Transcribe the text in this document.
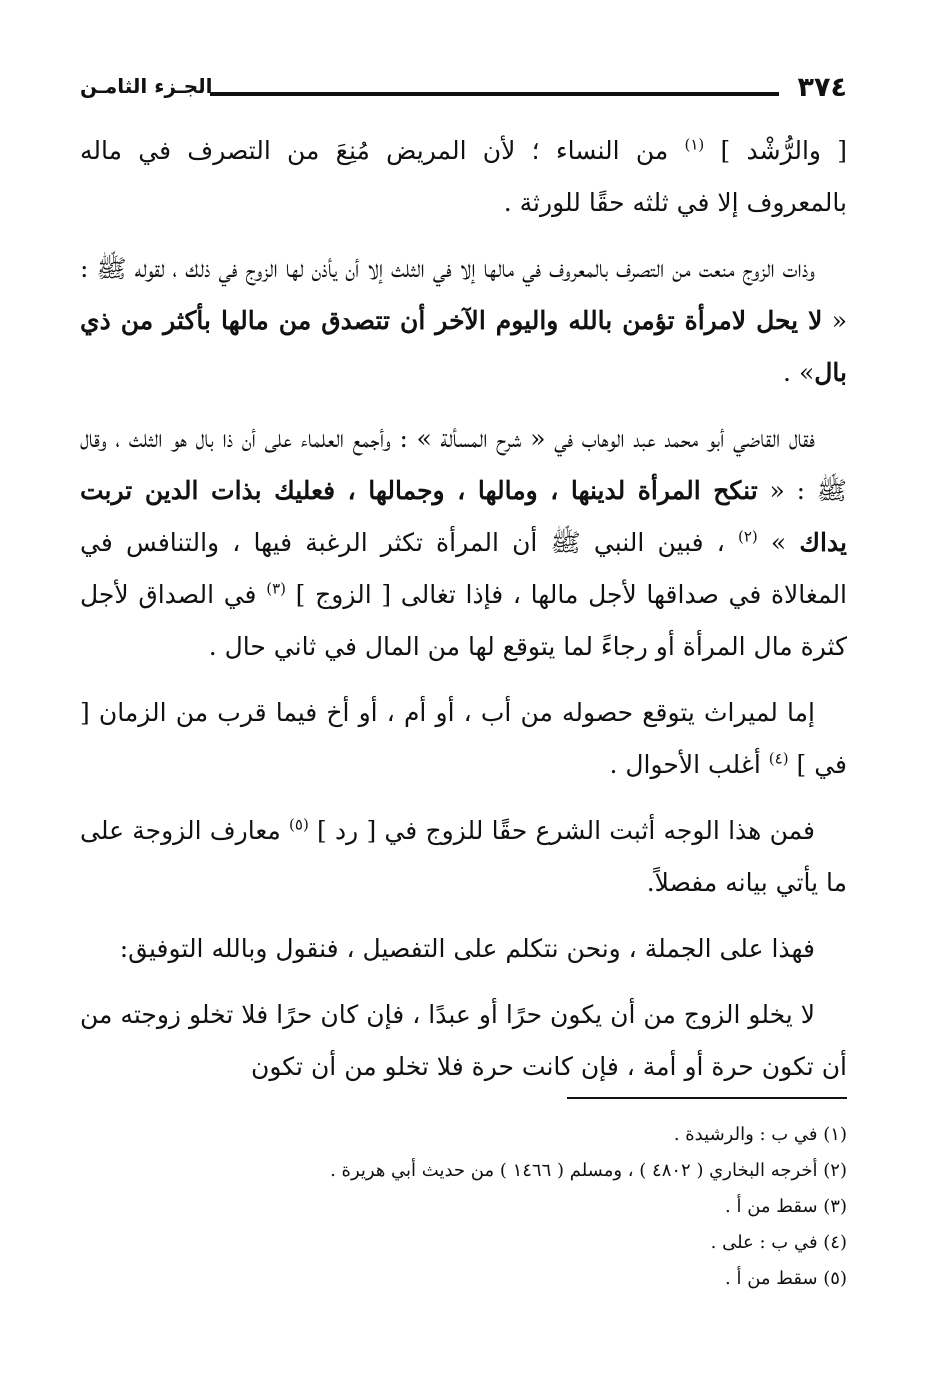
٣٧٤
الجـزء الثامـن

[ والرُّشْد ] $^{(١)}$ من النساء ؛ لأن المريض مُنِعَ من التصرف في ماله بالمعروف إلا في ثلثه حقًا للورثة .

وذات الزوج منعت من التصرف بالمعروف في مالها إلا في الثلث إلا أن يأذن لها الزوج في ذلك ، لقوله ﷺ : « لا يحل لامرأة تؤمن بالله واليوم الآخر أن تتصدق من مالها بأكثر من ذي بال» .

فقال القاضي أبو محمد عبد الوهاب في « شرح المسألة » : وأجمع العلماء على أن ذا بال هو الثلث ، وقال ﷺ : « تنكح المرأة لدينها ، ومالها ، وجمالها ، فعليك بذات الدين تربت يداك » $^{(٢)}$ ، فبين النبي ﷺ أن المرأة تكثر الرغبة فيها ، والتنافس في المغالاة في صداقها لأجل مالها ، فإذا تغالى [ الزوج ] $^{(٣)}$ في الصداق لأجل كثرة مال المرأة أو رجاءً لما يتوقع لها من المال في ثاني حال .

إما لميراث يتوقع حصوله من أب ، أو أم ، أو أخ فيما قرب من الزمان [ في ] $^{(٤)}$ أغلب الأحوال .

فمن هذا الوجه أثبت الشرع حقًا للزوج في [ رد ] $^{(٥)}$ معارف الزوجة على ما يأتي بيانه مفصلاً.

فهذا على الجملة ، ونحن نتكلم على التفصيل ، فنقول وبالله التوفيق:

لا يخلو الزوج من أن يكون حرًا أو عبدًا ، فإن كان حرًا فلا تخلو زوجته من أن تكون حرة أو أمة ، فإن كانت حرة فلا تخلو من أن تكون

(١) في ب : والرشيدة .

(٢) أخرجه البخاري ( ٤٨٠٢ ) ، ومسلم ( ١٤٦٦ ) من حديث أبي هريرة .

(٣) سقط من أ .

(٤) في ب : على .

(٥) سقط من أ .
